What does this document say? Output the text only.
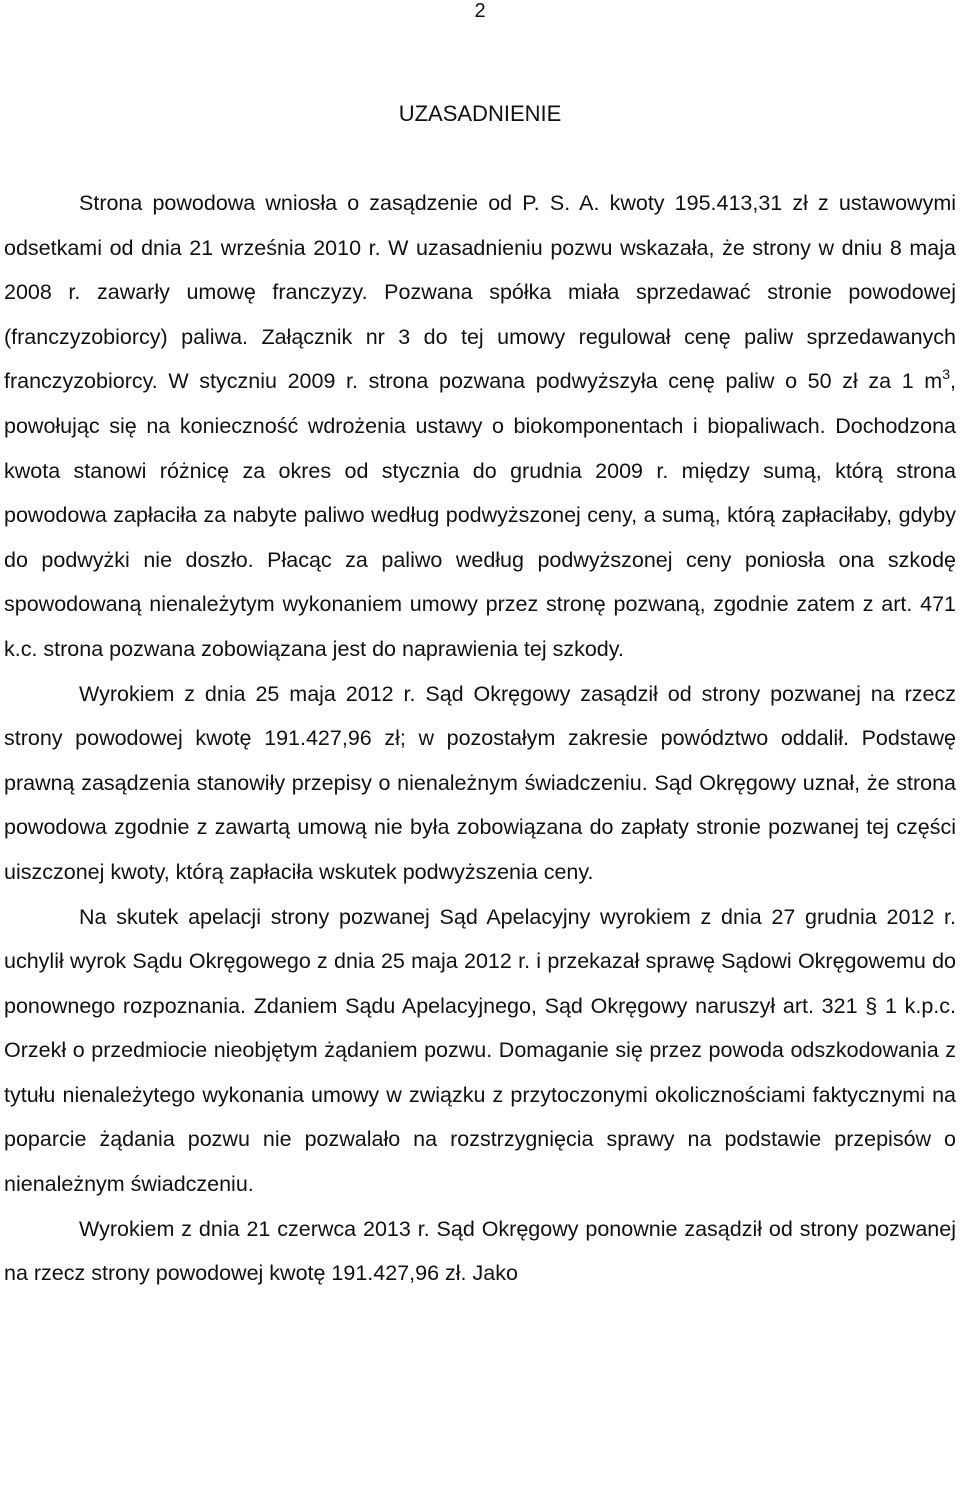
2
UZASADNIENIE

Strona powodowa wniosła o zasądzenie od P. S. A. kwoty 195.413,31 zł z ustawowymi odsetkami od dnia 21 września 2010 r. W uzasadnieniu pozwu wskazała, że strony w dniu 8 maja 2008 r. zawarły umowę franczyzy. Pozwana spółka miała sprzedawać stronie powodowej (franczyzobiorcy) paliwa. Załącznik nr 3 do tej umowy regulował cenę paliw sprzedawanych franczyzobiorcy. W styczniu 2009 r. strona pozwana podwyższyła cenę paliw o 50 zł za 1 $m^3$, powołując się na konieczność wdrożenia ustawy o biokomponentach i biopaliwach. Dochodzona kwota stanowi różnicę za okres od stycznia do grudnia 2009 r. między sumą, którą strona powodowa zapłaciła za nabyte paliwo według podwyższonej ceny, a sumą, którą zapłaciłaby, gdyby do podwyżki nie doszło. Płacąc za paliwo według podwyższonej ceny poniosła ona szkodę spowodowaną nienależytym wykonaniem umowy przez stronę pozwaną, zgodnie zatem z art. 471 k.c. strona pozwana zobowiązana jest do naprawienia tej szkody.

Wyrokiem z dnia 25 maja 2012 r. Sąd Okręgowy zasądził od strony pozwanej na rzecz strony powodowej kwotę 191.427,96 zł; w pozostałym zakresie powództwo oddalił. Podstawę prawną zasądzenia stanowiły przepisy o nienależnym świadczeniu. Sąd Okręgowy uznał, że strona powodowa zgodnie z zawartą umową nie była zobowiązana do zapłaty stronie pozwanej tej części uiszczonej kwoty, którą zapłaciła wskutek podwyższenia ceny.

Na skutek apelacji strony pozwanej Sąd Apelacyjny wyrokiem z dnia 27 grudnia 2012 r. uchylił wyrok Sądu Okręgowego z dnia 25 maja 2012 r. i przekazał sprawę Sądowi Okręgowemu do ponownego rozpoznania. Zdaniem Sądu Apelacyjnego, Sąd Okręgowy naruszył art. 321 § 1 k.p.c. Orzekł o przedmiocie nieobjętym żądaniem pozwu. Domaganie się przez powoda odszkodowania z tytułu nienależytego wykonania umowy w związku z przytoczonymi okolicznościami faktycznymi na poparcie żądania pozwu nie pozwalało na rozstrzygnięcia sprawy na podstawie przepisów o nienależnym świadczeniu.

Wyrokiem z dnia 21 czerwca 2013 r. Sąd Okręgowy ponownie zasądził od strony pozwanej na rzecz strony powodowej kwotę 191.427,96 zł. Jako
